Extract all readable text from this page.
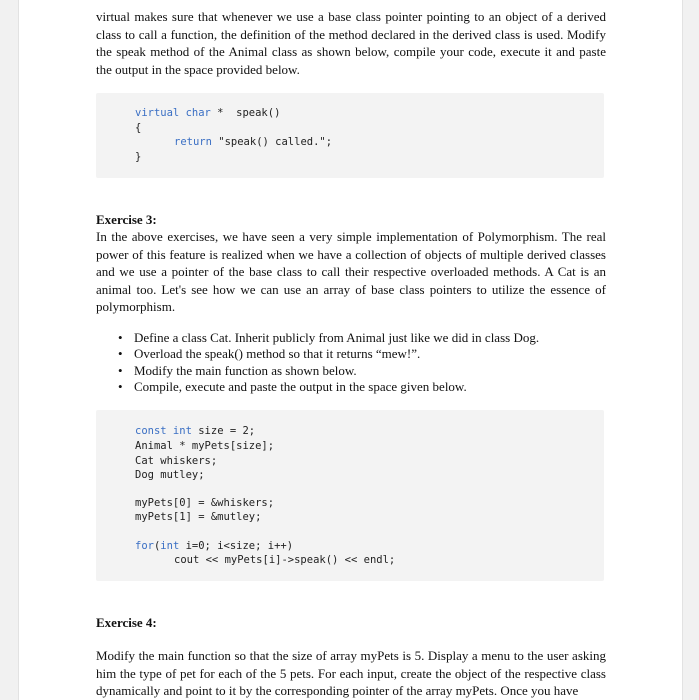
virtual makes sure that whenever we use a base class pointer pointing to an object of a derived class to call a function, the definition of the method declared in the derived class is used. Modify the speak method of the Animal class as shown below, compile your code, execute it and paste the output in the space provided below.

virtual char *  speak()
{
return "speak() called.";
}
Exercise 3:

In the above exercises, we have seen a very simple implementation of Polymorphism. The real power of this feature is realized when we have a collection of objects of multiple derived classes and we use a pointer of the base class to call their respective overloaded methods. A Cat is an animal too. Let's see how we can use an array of base class pointers to utilize the essence of polymorphism.

• Define a class Cat. Inherit publicly from Animal just like we did in class Dog.
• Overload the speak() method so that it returns “mew!”.
• Modify the main function as shown below.
• Compile, execute and paste the output in the space given below.
const int size = 2;
Animal * myPets[size];
Cat whiskers;
Dog mutley;
myPets[0] = &whiskers;
myPets[1] = &mutley;
for(int i=0; i<size; i++)
cout << myPets[i]->speak() << endl;
Exercise 4:

Modify the main function so that the size of array myPets is 5. Display a menu to the user asking him the type of pet for each of the 5 pets. For each input, create the object of the respective class dynamically and point to it by the corresponding pointer of the array myPets. Once you have
